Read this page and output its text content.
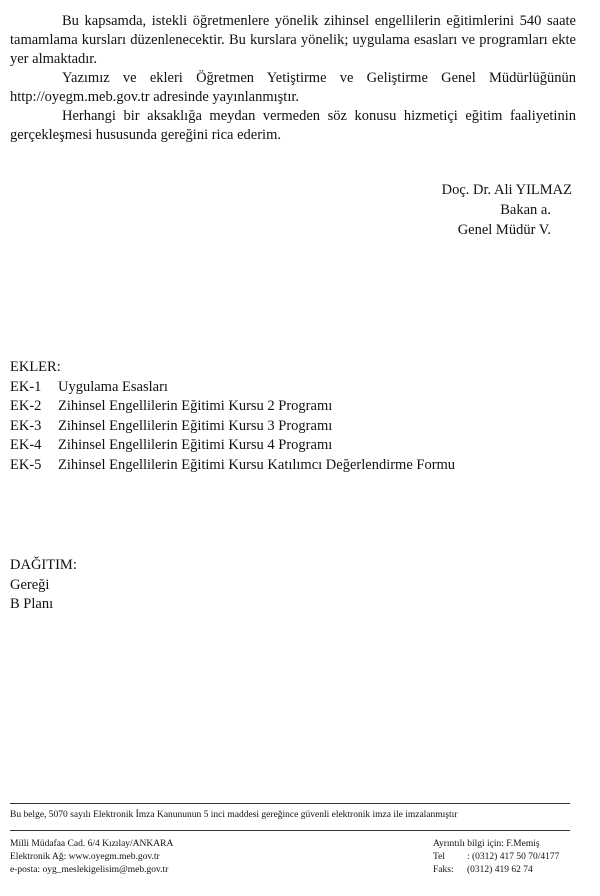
Bu kapsamda, istekli öğretmenlere yönelik zihinsel engellilerin eğitimlerini 540 saate tamamlama kursları düzenlenecektir. Bu kurslara yönelik; uygulama esasları ve programları ekte yer almaktadır.

Yazımız ve ekleri Öğretmen Yetiştirme ve Geliştirme Genel Müdürlüğünün http://oyegm.meb.gov.tr adresinde yayınlanmıştır.

Herhangi bir aksaklığa meydan vermeden söz konusu hizmetiçi eğitim faaliyetinin gerçekleşmesi hususunda gereğini rica ederim.

Doç. Dr. Ali YILMAZ
Bakan a.
Genel Müdür V.
EKLER:
EK-1 Uygulama Esasları
EK-2 Zihinsel Engellilerin Eğitimi Kursu 2 Programı
EK-3 Zihinsel Engellilerin Eğitimi Kursu 3 Programı
EK-4 Zihinsel Engellilerin Eğitimi Kursu 4 Programı
EK-5 Zihinsel Engellilerin Eğitimi Kursu Katılımcı Değerlendirme Formu
DAĞITIM:
Gereği
B Planı
Bu belge, 5070 sayılı Elektronik İmza Kanununun 5 inci maddesi gereğince güvenli elektronik imza ile imzalanmıştır
Milli Müdafaa Cad. 6/4 Kızılay/ANKARA
Elektronik Ağ: www.oyegm.meb.gov.tr
e-posta: oyg_meslekigelisim@meb.gov.tr
Ayrıntılı bilgi için: F.Memiş
Tel : (0312) 417 50 70/4177
Faks: (0312) 419 62 74
